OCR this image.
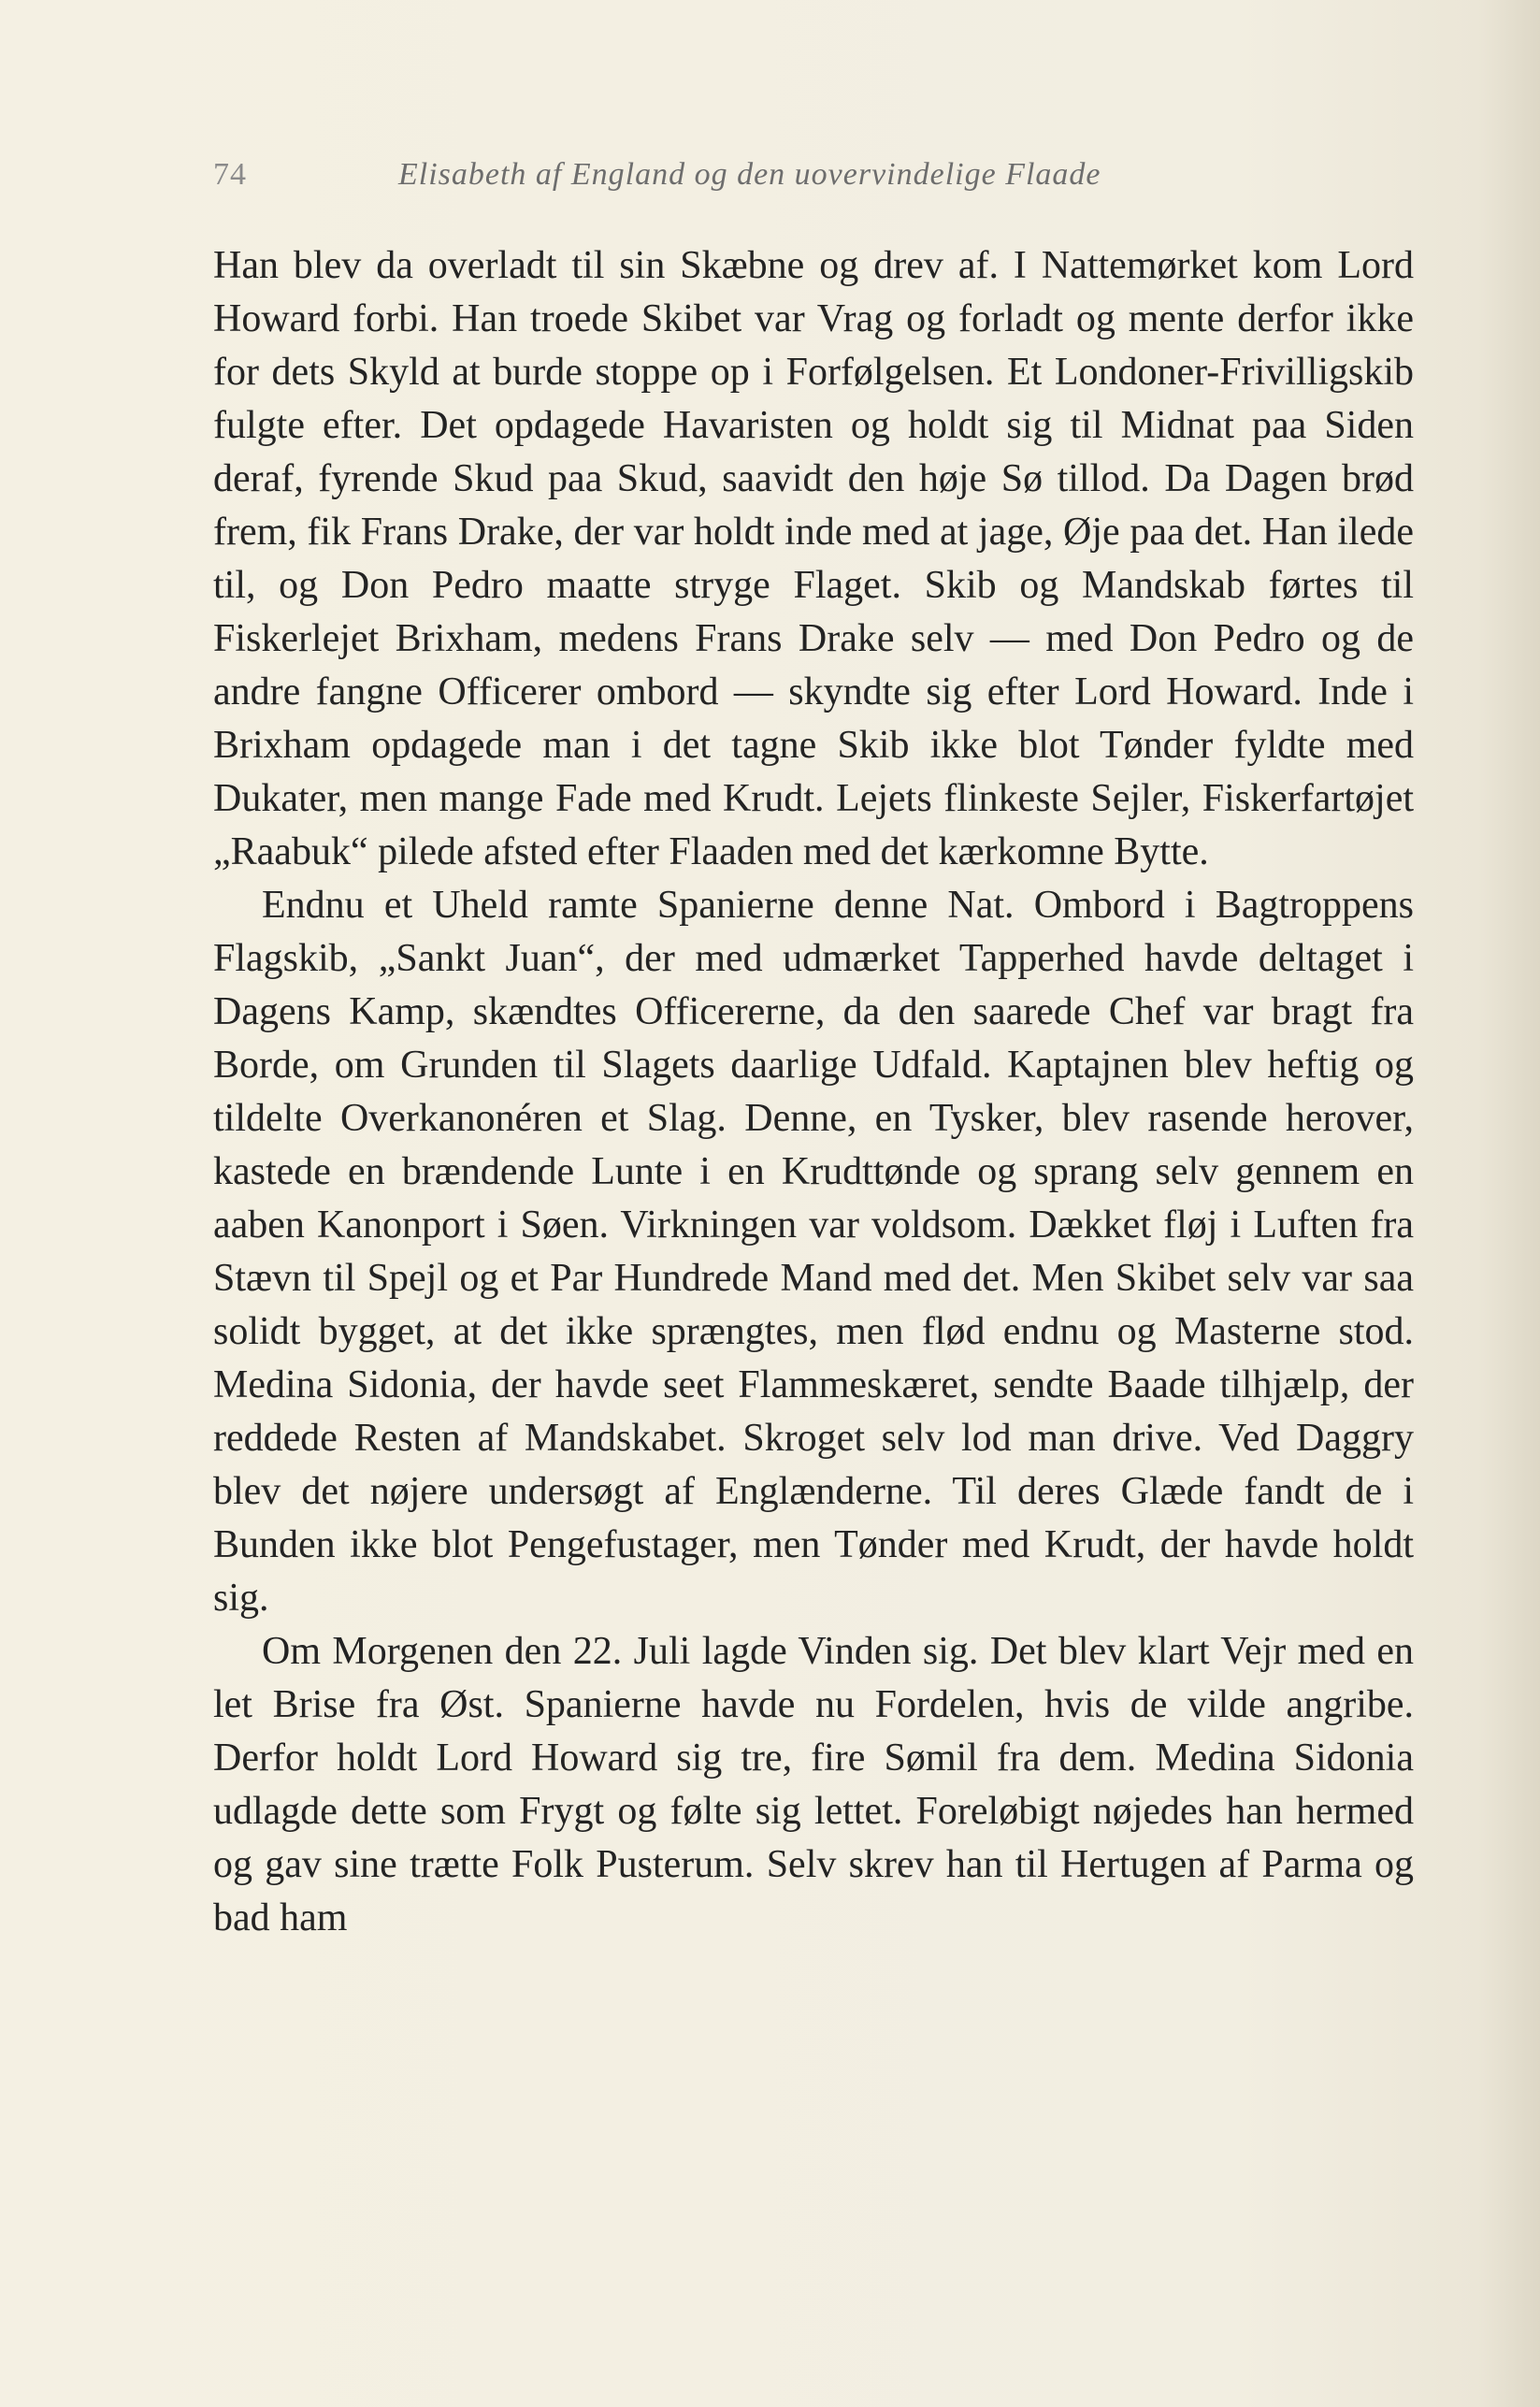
74	Elisabeth af England og den uovervindelige Flaade

Han blev da overladt til sin Skæbne og drev af. I Nattemørket kom Lord Howard forbi. Han troede Skibet var Vrag og forladt og mente derfor ikke for dets Skyld at burde stoppe op i Forfølgelsen. Et Londoner-Frivilligskib fulgte efter. Det opdagede Havaristen og holdt sig til Midnat paa Siden deraf, fyrende Skud paa Skud, saavidt den høje Sø tillod. Da Dagen brød frem, fik Frans Drake, der var holdt inde med at jage, Øje paa det. Han ilede til, og Don Pedro maatte stryge Flaget. Skib og Mandskab førtes til Fiskerlejet Brixham, medens Frans Drake selv — med Don Pedro og de andre fangne Officerer ombord — skyndte sig efter Lord Howard. Inde i Brixham opdagede man i det tagne Skib ikke blot Tønder fyldte med Dukater, men mange Fade med Krudt. Lejets flinkeste Sejler, Fiskerfartøjet „Raabuk“ pilede afsted efter Flaaden med det kærkomne Bytte.

Endnu et Uheld ramte Spanierne denne Nat. Ombord i Bagtroppens Flagskib, „Sankt Juan“, der med udmærket Tapperhed havde deltaget i Dagens Kamp, skændtes Officererne, da den saarede Chef var bragt fra Borde, om Grunden til Slagets daarlige Udfald. Kaptajnen blev heftig og tildelte Overkanonéren et Slag. Denne, en Tysker, blev rasende herover, kastede en brændende Lunte i en Krudttønde og sprang selv gennem en aaben Kanonport i Søen. Virkningen var voldsom. Dækket fløj i Luften fra Stævn til Spejl og et Par Hundrede Mand med det. Men Skibet selv var saa solidt bygget, at det ikke sprængtes, men flød endnu og Masterne stod. Medina Sidonia, der havde seet Flammeskæret, sendte Baade tilhjælp, der reddede Resten af Mandskabet. Skroget selv lod man drive. Ved Daggry blev det nøjere undersøgt af Englænderne. Til deres Glæde fandt de i Bunden ikke blot Pengefustager, men Tønder med Krudt, der havde holdt sig.

Om Morgenen den 22. Juli lagde Vinden sig. Det blev klart Vejr med en let Brise fra Øst. Spanierne havde nu Fordelen, hvis de vilde angribe. Derfor holdt Lord Howard sig tre, fire Sømil fra dem. Medina Sidonia udlagde dette som Frygt og følte sig lettet. Foreløbigt nøjedes han hermed og gav sine trætte Folk Pusterum. Selv skrev han til Hertugen af Parma og bad ham
